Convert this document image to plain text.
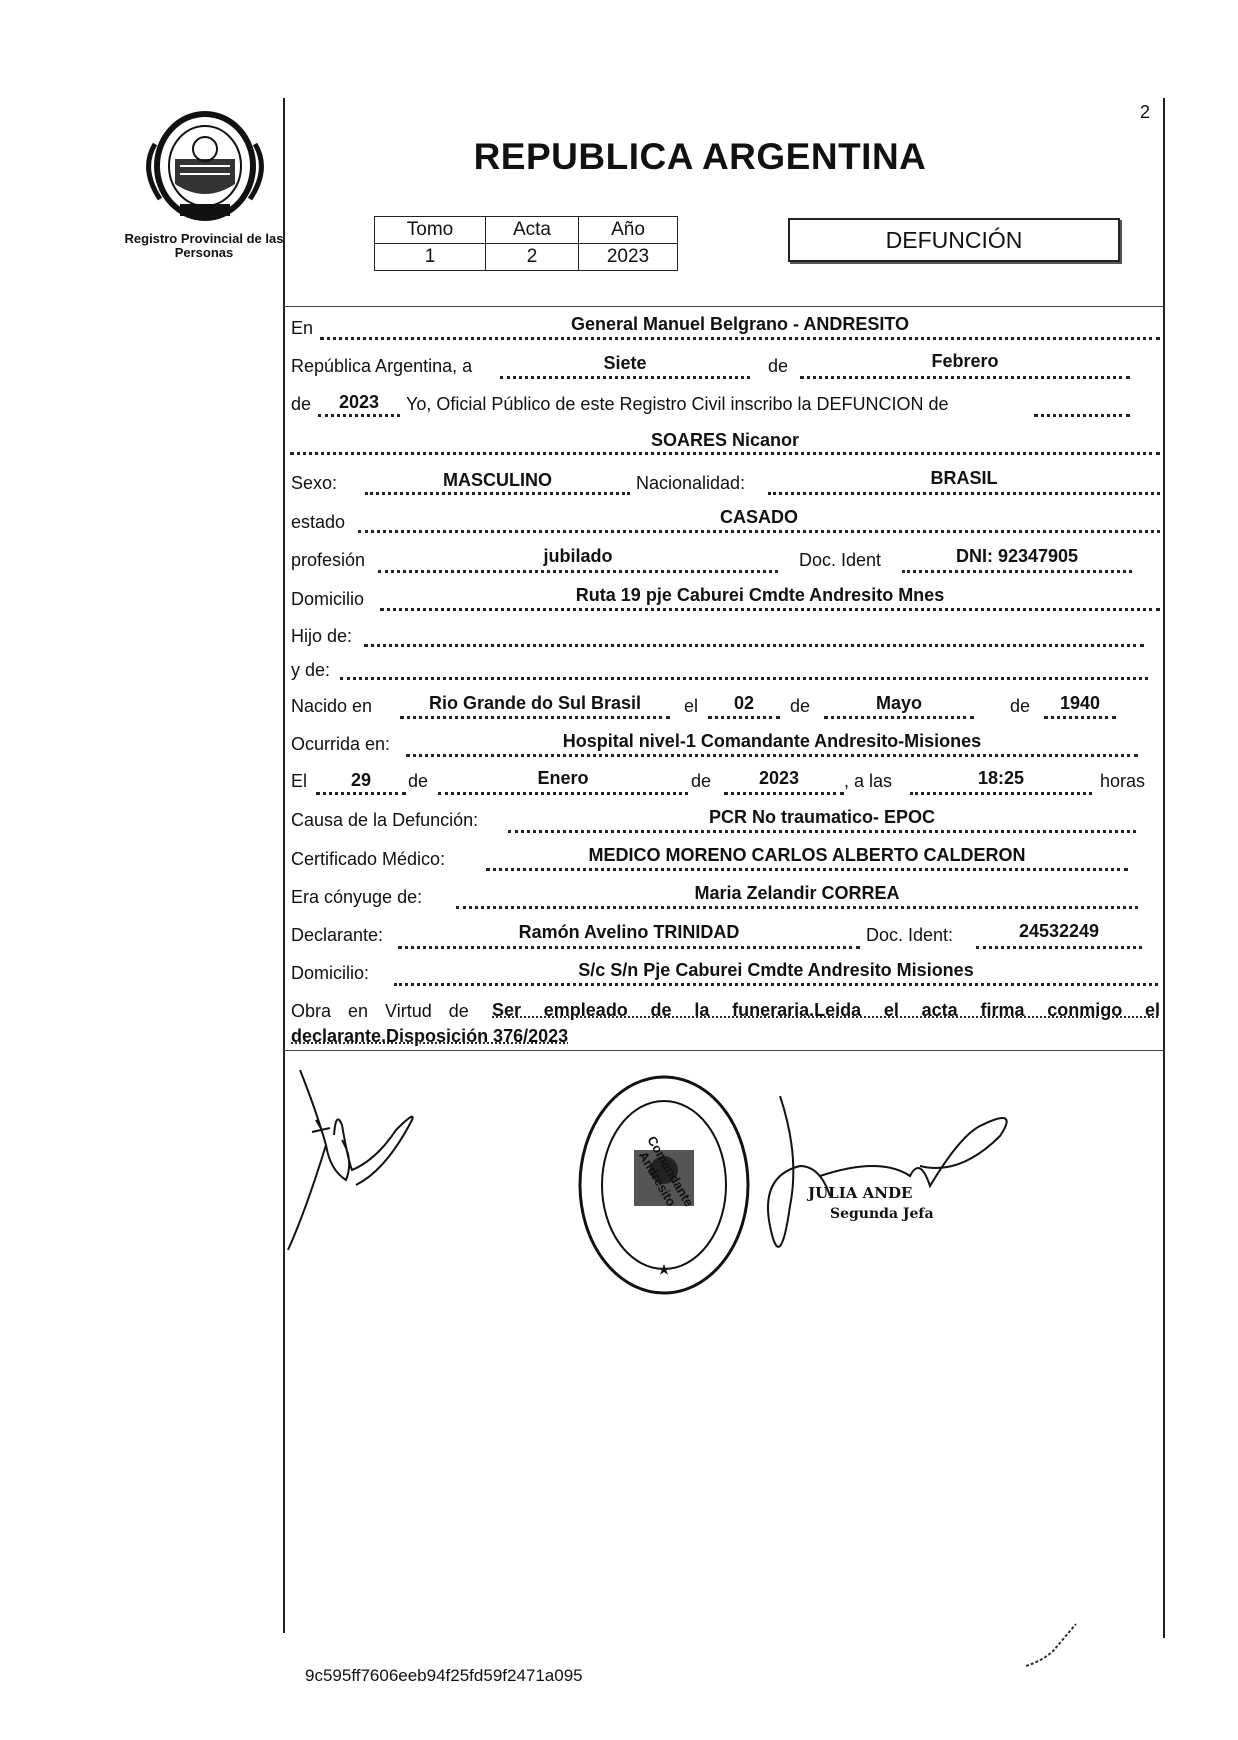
2
Registro Provincial de las Personas
REPUBLICA ARGENTINA
Tomo	Acta	Año
1	2	2023
DEFUNCIÓN
En	General Manuel Belgrano - ANDRESITO
República Argentina, a	Siete	de	Febrero
de	2023	Yo, Oficial Público de este Registro Civil inscribo la DEFUNCION de
SOARES Nicanor
Sexo:	MASCULINO	Nacionalidad:	BRASIL
estado	CASADO
profesión	jubilado	Doc. Ident	DNI: 92347905
Domicilio	Ruta 19 pje Caburei Cmdte Andresito Mnes
Hijo de:
y de:
Nacido en	Rio Grande do Sul Brasil	el	02	de	Mayo	de	1940
Ocurrida en:	Hospital nivel-1 Comandante Andresito-Misiones
El	29	de	Enero	de	2023	, a las	18:25	horas
Causa de la Defunción:	PCR No traumatico- EPOC
Certificado Médico:	MEDICO MORENO CARLOS ALBERTO CALDERON
Era cónyuge de:	Maria Zelandir CORREA
Declarante:	Ramón Avelino TRINIDAD	Doc. Ident:	24532249
Domicilio:	S/c S/n Pje Caburei Cmdte Andresito Misiones
Obra en Virtud de Ser empleado de la funeraria.Leida el acta firma conmigo el
declarante.Disposición 376/2023
Comandante Andresito	JULIA ANDE
Segunda Jefa
9c595ff7606eeb94f25fd59f2471a095
